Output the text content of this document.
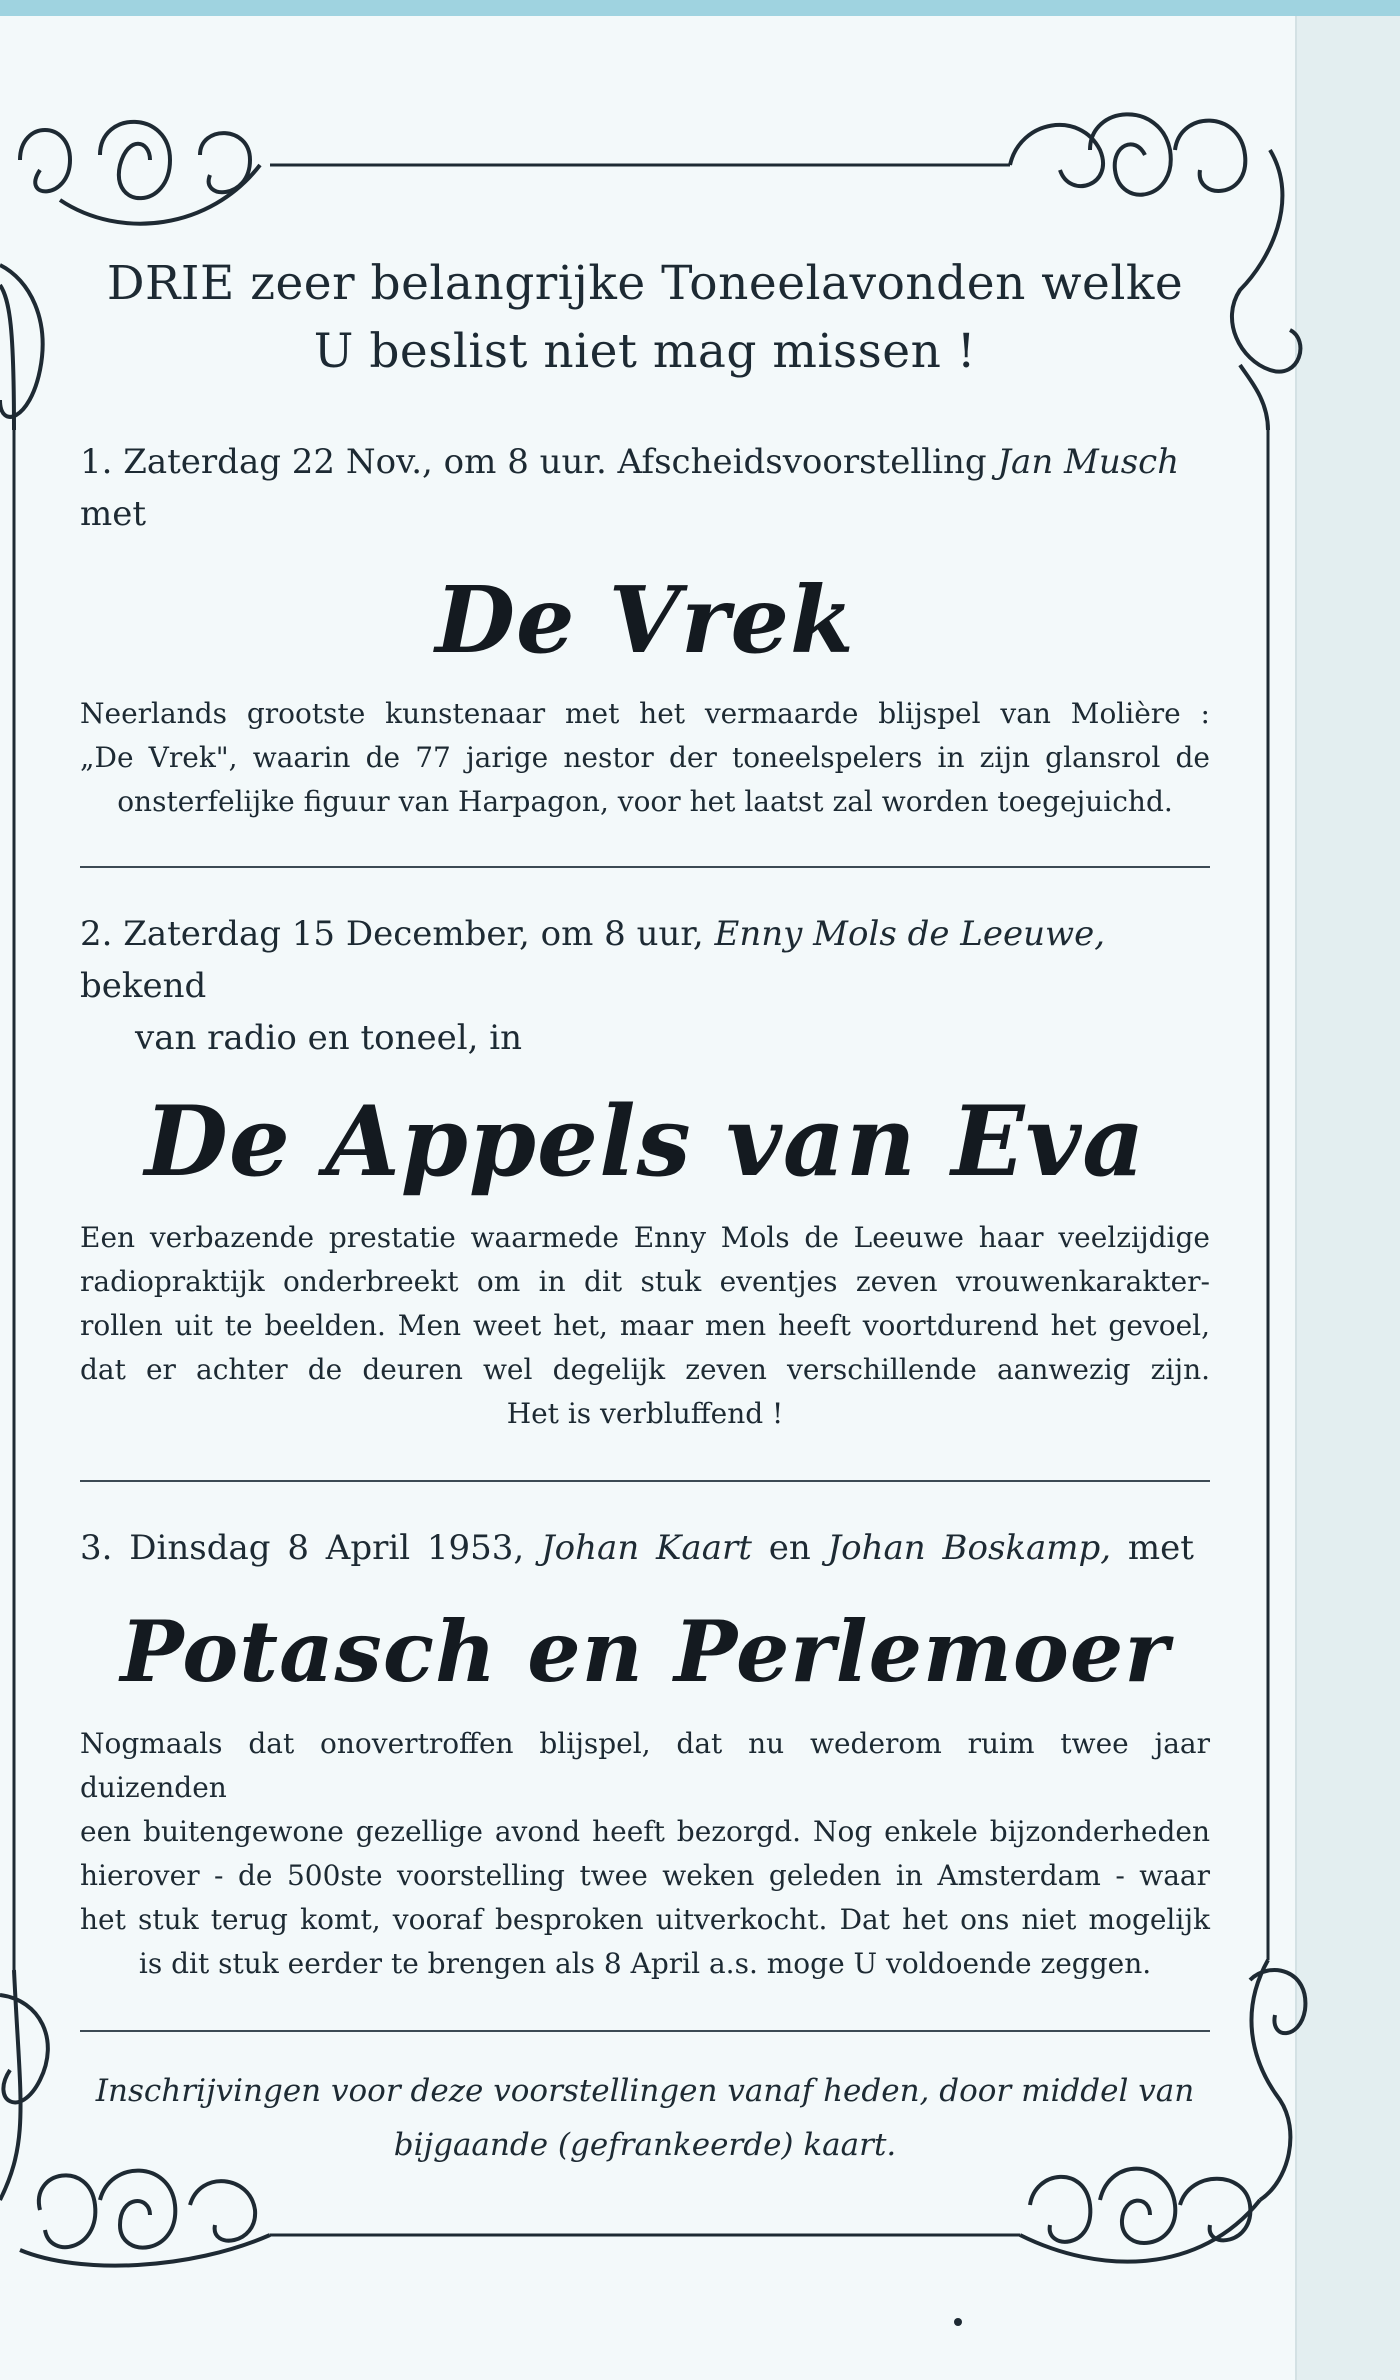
DRIE zeer belangrijke Toneelavonden welke
U beslist niet mag missen !

1. Zaterdag 22 Nov., om 8 uur. Afscheidsvoorstelling Jan Musch met

De Vrek

Neerlands grootste kunstenaar met het vermaarde blijspel van Molière :
„De Vrek", waarin de 77 jarige nestor der toneelspelers in zijn glansrol de
onsterfelijke figuur van Harpagon, voor het laatst zal worden toegejuichd.

2. Zaterdag 15 December, om 8 uur, Enny Mols de Leeuwe, bekend

van radio en toneel, in

De Appels van Eva

Een verbazende prestatie waarmede Enny Mols de Leeuwe haar veelzijdige
radiopraktijk onderbreekt om in dit stuk eventjes zeven vrouwenkarakter-
rollen uit te beelden. Men weet het, maar men heeft voortdurend het gevoel,
dat er achter de deuren wel degelijk zeven verschillende aanwezig zijn.
Het is verbluffend !

3. Dinsdag 8 April 1953, Johan Kaart en Johan Boskamp, met

Potasch en Perlemoer

Nogmaals dat onovertroffen blijspel, dat nu wederom ruim twee jaar duizenden
een buitengewone gezellige avond heeft bezorgd. Nog enkele bijzonderheden
hierover - de 500ste voorstelling twee weken geleden in Amsterdam - waar
het stuk terug komt, vooraf besproken uitverkocht. Dat het ons niet mogelijk
is dit stuk eerder te brengen als 8 April a.s. moge U voldoende zeggen.

Inschrijvingen voor deze voorstellingen vanaf heden, door middel van
bijgaande (gefrankeerde) kaart.
